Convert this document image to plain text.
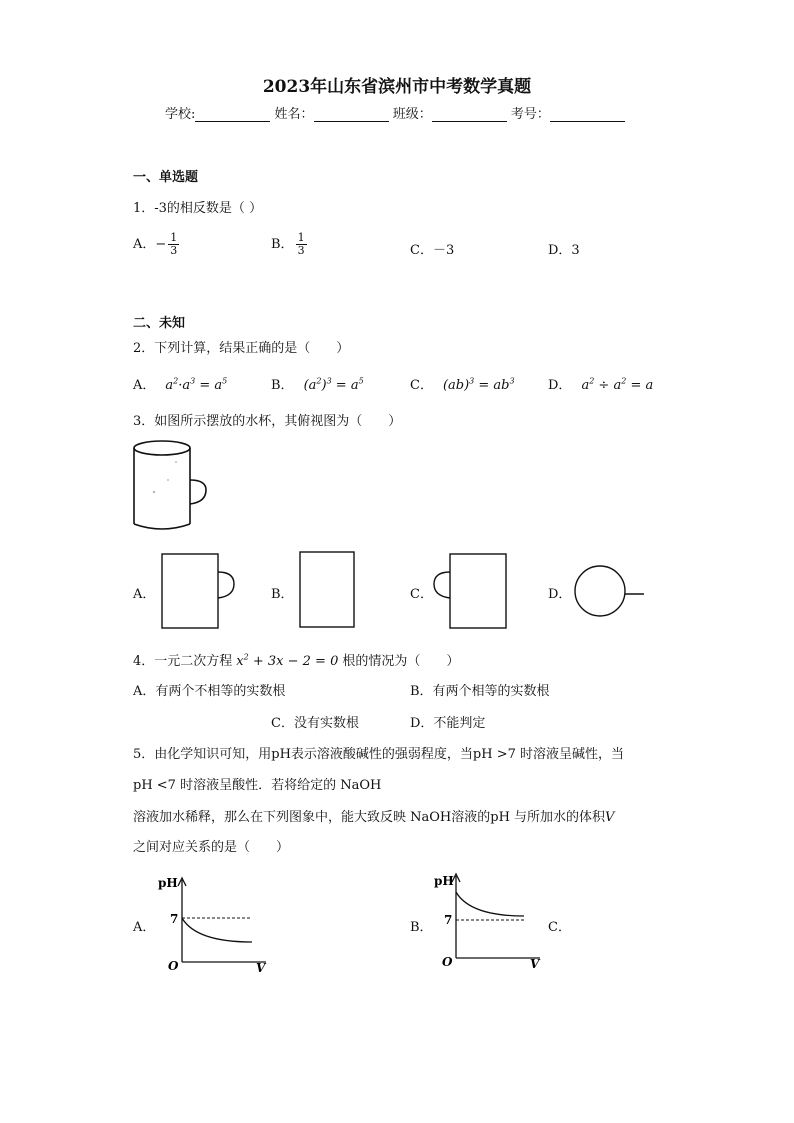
2023年山东省滨州市中考数学真题
学校:	姓名：	班级：	考号：
一、单选题
1．-3的相反数是（ ）
A．− $\frac{1}{3}$	B． $\frac{1}{3}$	C．－3	D．3
二、未知
2．下列计算，结果正确的是（　　）
A． $a^2\cdot a^3 = a^5$	B． $(a^2)^3 = a^5$	C． $(ab)^3 = ab^3$	D． $a^2 \div a^2 = a$
3．如图所示摆放的水杯，其俯视图为（　　）
A．	B．	C．	D．
4．一元二次方程 $x^2 + 3x - 2 = 0$ 根的情况为（　　）
A．有两个不相等的实数根	B．有两个相等的实数根
C．没有实数根	D．不能判定
5．由化学知识可知，用pH表示溶液酸碱性的强弱程度，当pH >7 时溶液呈碱性，当
pH <7 时溶液呈酸性．若将给定的 NaOH
溶液加水稀释，那么在下列图象中，能大致反映 NaOH溶液的pH 与所加水的体积V
之间对应关系的是（　　）
A．
pH
7
O	V
B．
pH
7
O	V
C．
